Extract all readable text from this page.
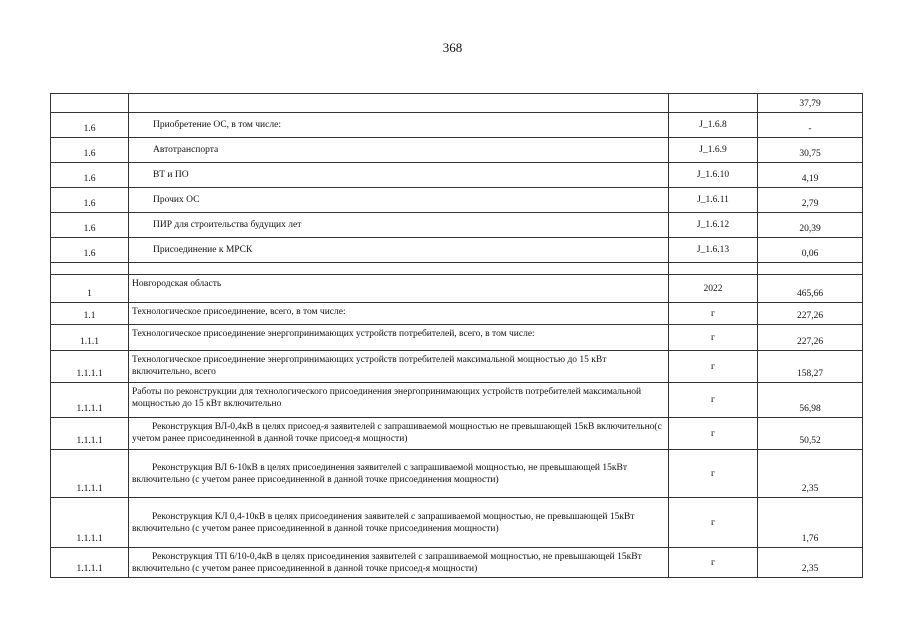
368
			37,79
1.6	Приобретение ОС, в том числе:	J_1.6.8	-
1.6	Автотранспорта	J_1.6.9	30,75
1.6	ВТ и ПО	J_1.6.10	4,19
1.6	Прочих ОС	J_1.6.11	2,79
1.6	ПИР для строительства будущих лет	J_1.6.12	20,39
1.6	Присоединение к МРСК	J_1.6.13	0,06

1	Новгородская область	2022	465,66
1.1	Технологическое присоединение, всего, в том числе:	г	227,26
1.1.1	Технологическое присоединение энергопринимающих устройств потребителей, всего, в том числе:	г	227,26
1.1.1.1	Технологическое присоединение энергопринимающих устройств потребителей максимальной мощностью до 15 кВт включительно, всего	г	158,27
1.1.1.1	Работы по реконструкции для технологического присоединения энергопринимающих устройств потребителей максимальной мощностью до 15 кВт включительно	г	56,98
1.1.1.1	Реконструкция ВЛ-0,4кВ в целях присоед-я заявителей с запрашиваемой мощностью не превышающей 15кВ включительно(с учетом ранее присоединенной в данной точке присоед-я мощности)	г	50,52
1.1.1.1	Реконструкция ВЛ 6-10кВ в целях присоединения заявителей с запрашиваемой мощностью, не превышающей 15кВт включительно (с учетом ранее присоединенной в данной точке присоединения мощности)	г	2,35
1.1.1.1	Реконструкция КЛ 0,4-10кВ в целях присоединения заявителей с запрашиваемой мощностью, не превышающей 15кВт включительно (с учетом ранее присоединенной в данной точке присоединения мощности)	г	1,76
1.1.1.1	Реконструкция ТП 6/10-0,4кВ в целях присоединения заявителей с запрашиваемой мощностью, не превышающей 15кВт включительно (с учетом ранее присоединенной в данной точке присоед-я мощности)	г	2,35
